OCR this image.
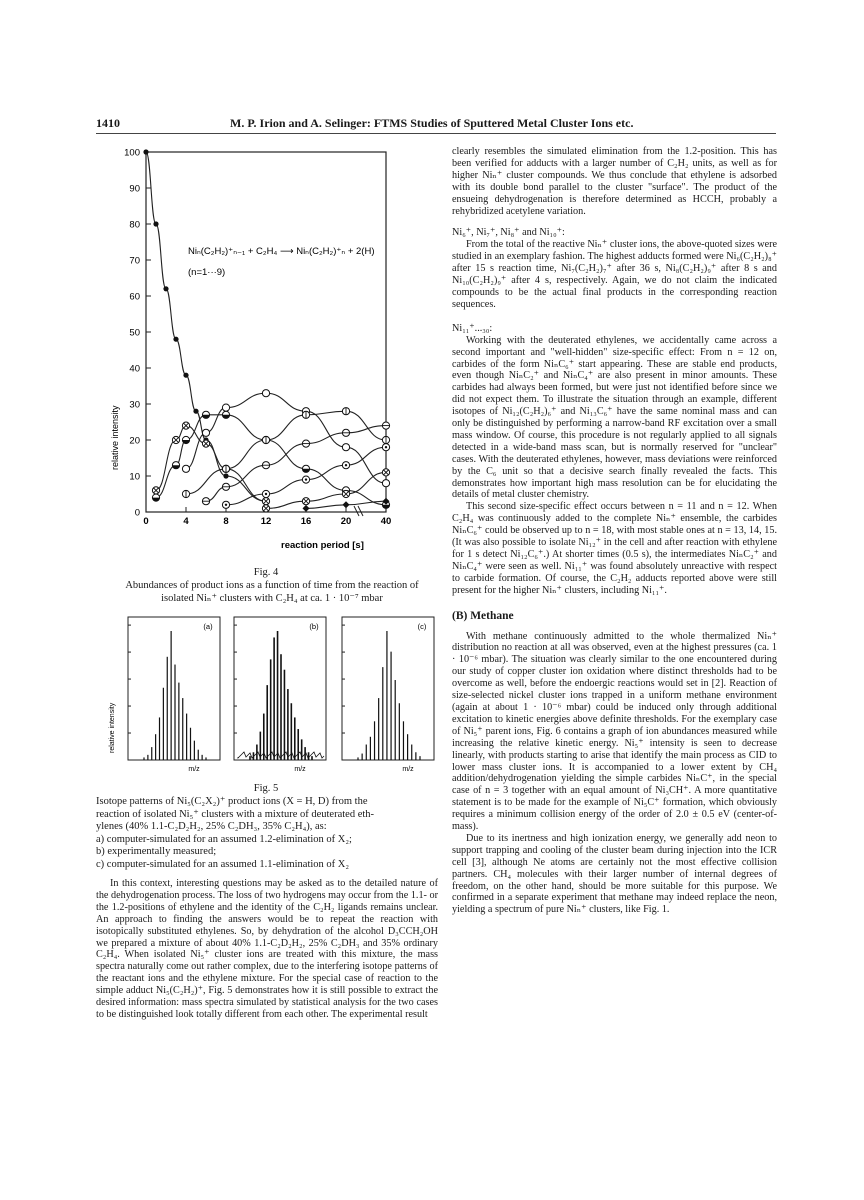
1410	M. P. Irion and A. Selinger: FTMS Studies of Sputtered Metal Cluster Ions etc.
0
10
20
30
40
50
60
70
80
90
100
0	4	8	12	16	20	40
Niₙ(C₂H₂)⁺ₙ₋₁ + C₂H₄ ⟶ Niₙ(C₂H₂)⁺ₙ + 2(H)
(n=1···9)
relative intensity
reaction period [s]
Fig. 4
Abundances of product ions as a function of time from the reaction of isolated Niₙ⁺ clusters with C₂H₄ at ca. 1 · 10⁻⁷ mbar
(a)
m/z
(b)
m/z
(c)
m/z
relative intensity
Fig. 5
Isotope patterns of Ni₅(C₂X₂)⁺ product ions (X = H, D) from the
reaction of isolated Ni₅⁺ clusters with a mixture of deuterated eth-
ylenes (40% 1.1-C₂D₂H₂, 25% C₂DH₃, 35% C₂H₄), as:
a) computer-simulated for an assumed 1.2-elimination of X₂;
b) experimentally measured;
c) computer-simulated for an assumed 1.1-elimination of X₂

In this context, interesting questions may be asked as to the detailed nature of the dehydrogenation process. The loss of two hydrogens may occur from the 1.1- or the 1.2-positions of ethylene and the identity of the C₂H₂ ligands remains unclear. An approach to finding the answers would be to repeat the reaction with isotopically substituted ethylenes. So, by dehydration of the alcohol D₃CCH₂OH we prepared a mixture of about 40% 1.1-C₂D₂H₂, 25% C₂DH₃ and 35% ordinary C₂H₄. When isolated Ni₅⁺ cluster ions are treated with this mixture, the mass spectra naturally come out rather complex, due to the interfering isotope patterns of the reactant ions and the ethylene mixture. For the special case of reaction to the simple adduct Ni₅(C₂H₂)⁺, Fig. 5 demonstrates how it is still possible to extract the desired information: mass spectra simulated by statistical analysis for the two cases to be distinguished look totally different from each other. The experimental result

clearly resembles the simulated elimination from the 1.2-position. This has been verified for adducts with a larger number of C₂H₂ units, as well as for higher Niₙ⁺ cluster compounds. We thus conclude that ethylene is adsorbed with its double bond parallel to the cluster "surface". The product of the ensueing dehydrogenation is therefore determined as HCCH, probably a rehybridized acetylene variation.

Ni₆⁺, Ni₇⁺, Ni₈⁺ and Ni₁₀⁺:

From the total of the reactive Niₙ⁺ cluster ions, the above-quoted sizes were studied in an exemplary fashion. The highest adducts formed were Ni₆(C₂H₂)₈⁺ after 15 s reaction time, Ni₇(C₂H₂)₇⁺ after 36 s, Ni₈(C₂H₂)₉⁺ after 8 s and Ni₁₀(C₂H₂)₉⁺ after 4 s, respectively. Again, we do not claim the indicated compounds to be the actual final products in the corresponding reaction sequences.

Ni₁₁⁺...₃₀:

Working with the deuterated ethylenes, we accidentally came across a second important and "well-hidden" size-specific effect: From n = 12 on, carbides of the form NiₙC₆⁺ start appearing. These are stable end products, even though NiₙC₂⁺ and NiₙC₄⁺ are also present in minor amounts. These carbides had always been formed, but were just not identified before since we did not expect them. To illustrate the situation through an example, different isotopes of Ni₁₂(C₂H₂)₆⁺ and Ni₁₃C₆⁺ have the same nominal mass and can only be distinguished by performing a narrow-band RF excitation over a small mass window. Of course, this procedure is not regularly applied to all signals detected in a wide-band mass scan, but is normally reserved for "unclear" cases. With the deuterated ethylenes, however, mass deviations were reinforced by the C₆ unit so that a decisive search finally revealed the facts. This demonstrates how important high mass resolution can be for elucidating the details of metal cluster chemistry.

This second size-specific effect occurs between n = 11 and n = 12. When C₂H₄ was continuously added to the complete Niₙ⁺ ensemble, the carbides NiₙC₆⁺ could be observed up to n = 18, with most stable ones at n = 13, 14, 15. (It was also possible to isolate Ni₁₂⁺ in the cell and after reaction with ethylene for 1 s detect Ni₁₂C₆⁺.) At shorter times (0.5 s), the intermediates NiₙC₂⁺ and NiₙC₄⁺ were seen as well. Ni₁₁⁺ was found absolutely unreactive with respect to carbide formation. Of course, the C₂H₂ adducts reported above were still present for the higher Niₙ⁺ clusters, including Ni₁₁⁺.

(B) Methane

With methane continuously admitted to the whole thermalized Niₙ⁺ distribution no reaction at all was observed, even at the highest pressures (ca. 1 · 10⁻⁶ mbar). The situation was clearly similar to the one encountered during our study of copper cluster ion oxidation where distinct thresholds had to be overcome as well, before the endoergic reactions would set in [2]. Reaction of size-selected nickel cluster ions trapped in a uniform methane environment (again at about 1 · 10⁻⁶ mbar) could be induced only through additional excitation to kinetic energies above definite thresholds. For the exemplary case of Ni₅⁺ parent ions, Fig. 6 contains a graph of ion abundances measured while increasing the relative kinetic energy. Ni₅⁺ intensity is seen to decrease linearly, with products starting to arise that identify the main process as CID to lower mass cluster ions. It is accompanied to a lower extent by CH₄ addition/dehydrogenation yielding the simple carbides NiₙC⁺, in the special case of n = 3 together with an equal amount of Ni₃CH⁺. A more quantitative statement is to be made for the example of Ni₅C⁺ formation, which obviously requires a minimum collision energy of the order of 2.0 ± 0.5 eV (center-of-mass).

Due to its inertness and high ionization energy, we generally add neon to support trapping and cooling of the cluster beam during injection into the ICR cell [3], although Ne atoms are certainly not the most effective collision partners. CH₄ molecules with their larger number of internal degrees of freedom, on the other hand, should be more suitable for this purpose. We confirmed in a separate experiment that methane may indeed replace the neon, yielding a spectrum of pure Niₙ⁺ clusters, like Fig. 1.
